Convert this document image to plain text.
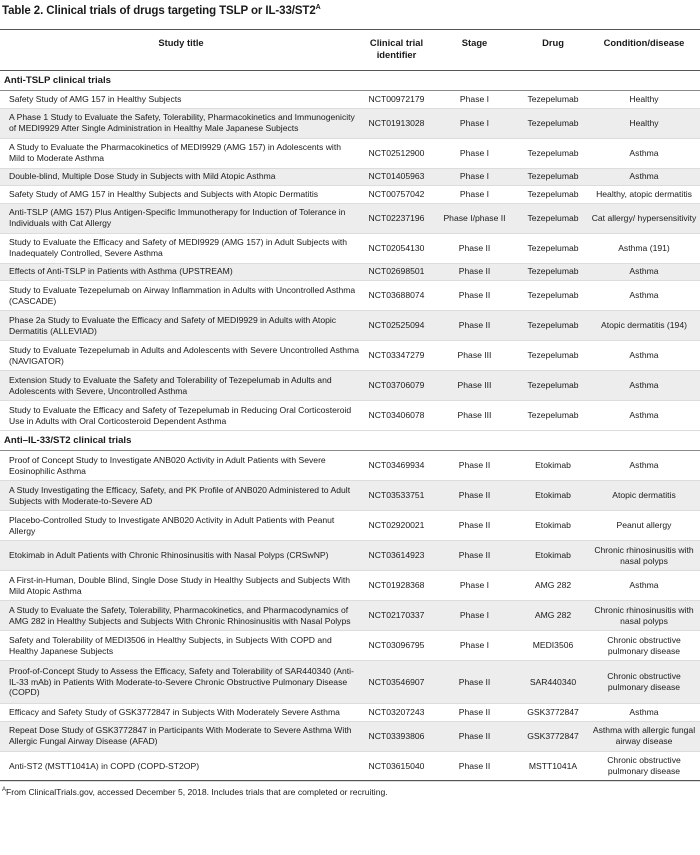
Table 2. Clinical trials of drugs targeting TSLP or $IL-33/ST2^A$
Study title	Clinical trial identifier	Stage	Drug	Condition/disease
Anti-TSLP clinical trials				
Safety Study of AMG 157 in Healthy Subjects	NCT00972179	Phase I	Tezepelumab	Healthy
A Phase 1 Study to Evaluate the Safety, Tolerability, Pharmacokinetics and Immunogenicity of MEDI9929 After Single Administration in Healthy Male Japanese Subjects	NCT01913028	Phase I	Tezepelumab	Healthy
A Study to Evaluate the Pharmacokinetics of MEDI9929 (AMG 157) in Adolescents with Mild to Moderate Asthma	NCT02512900	Phase I	Tezepelumab	Asthma
Double-blind, Multiple Dose Study in Subjects with Mild Atopic Asthma	NCT01405963	Phase I	Tezepelumab	Asthma
Safety Study of AMG 157 in Healthy Subjects and Subjects with Atopic Dermatitis	NCT00757042	Phase I	Tezepelumab	Healthy, atopic dermatitis
Anti-TSLP (AMG 157) Plus Antigen-Specific Immunotherapy for Induction of Tolerance in Individuals with Cat Allergy	NCT02237196	Phase I/phase II	Tezepelumab	Cat allergy/ hypersensitivity
Study to Evaluate the Efficacy and Safety of MEDI9929 (AMG 157) in Adult Subjects with Inadequately Controlled, Severe Asthma	NCT02054130	Phase II	Tezepelumab	Asthma (191)
Effects of Anti-TSLP in Patients with Asthma (UPSTREAM)	NCT02698501	Phase II	Tezepelumab	Asthma
Study to Evaluate Tezepelumab on Airway Inflammation in Adults with Uncontrolled Asthma (CASCADE)	NCT03688074	Phase II	Tezepelumab	Asthma
Phase 2a Study to Evaluate the Efficacy and Safety of MEDI9929 in Adults with Atopic Dermatitis (ALLEVIAD)	NCT02525094	Phase II	Tezepelumab	Atopic dermatitis (194)
Study to Evaluate Tezepelumab in Adults and Adolescents with Severe Uncontrolled Asthma (NAVIGATOR)	NCT03347279	Phase III	Tezepelumab	Asthma
Extension Study to Evaluate the Safety and Tolerability of Tezepelumab in Adults and Adolescents with Severe, Uncontrolled Asthma	NCT03706079	Phase III	Tezepelumab	Asthma
Study to Evaluate the Efficacy and Safety of Tezepelumab in Reducing Oral Corticosteroid Use in Adults with Oral Corticosteroid Dependent Asthma	NCT03406078	Phase III	Tezepelumab	Asthma
Anti–IL-33/ST2 clinical trials				
Proof of Concept Study to Investigate ANB020 Activity in Adult Patients with Severe Eosinophilic Asthma	NCT03469934	Phase II	Etokimab	Asthma
A Study Investigating the Efficacy, Safety, and PK Profile of ANB020 Administered to Adult Subjects with Moderate-to-Severe AD	NCT03533751	Phase II	Etokimab	Atopic dermatitis
Placebo-Controlled Study to Investigate ANB020 Activity in Adult Patients with Peanut Allergy	NCT02920021	Phase II	Etokimab	Peanut allergy
Etokimab in Adult Patients with Chronic Rhinosinusitis with Nasal Polyps (CRSwNP)	NCT03614923	Phase II	Etokimab	Chronic rhinosinusitis with nasal polyps
A First-in-Human, Double Blind, Single Dose Study in Healthy Subjects and Subjects With Mild Atopic Asthma	NCT01928368	Phase I	AMG 282	Asthma
A Study to Evaluate the Safety, Tolerability, Pharmacokinetics, and Pharmacodynamics of AMG 282 in Healthy Subjects and Subjects With Chronic Rhinosinusitis with Nasal Polyps	NCT02170337	Phase I	AMG 282	Chronic rhinosinusitis with nasal polyps
Safety and Tolerability of MEDI3506 in Healthy Subjects, in Subjects With COPD and Healthy Japanese Subjects	NCT03096795	Phase I	MEDI3506	Chronic obstructive pulmonary disease
Proof-of-Concept Study to Assess the Efficacy, Safety and Tolerability of SAR440340 (Anti-IL-33 mAb) in Patients With Moderate-to-Severe Chronic Obstructive Pulmonary Disease (COPD)	NCT03546907	Phase II	SAR440340	Chronic obstructive pulmonary disease
Efficacy and Safety Study of GSK3772847 in Subjects With Moderately Severe Asthma	NCT03207243	Phase II	GSK3772847	Asthma
Repeat Dose Study of GSK3772847 in Participants With Moderate to Severe Asthma With Allergic Fungal Airway Disease (AFAD)	NCT03393806	Phase II	GSK3772847	Asthma with allergic fungal airway disease
Anti-ST2 (MSTT1041A) in COPD (COPD-ST2OP)	NCT03615040	Phase II	MSTT1041A	Chronic obstructive pulmonary disease
$^A$From ClinicalTrials.gov, accessed December 5, 2018. Includes trials that are completed or recruiting.
